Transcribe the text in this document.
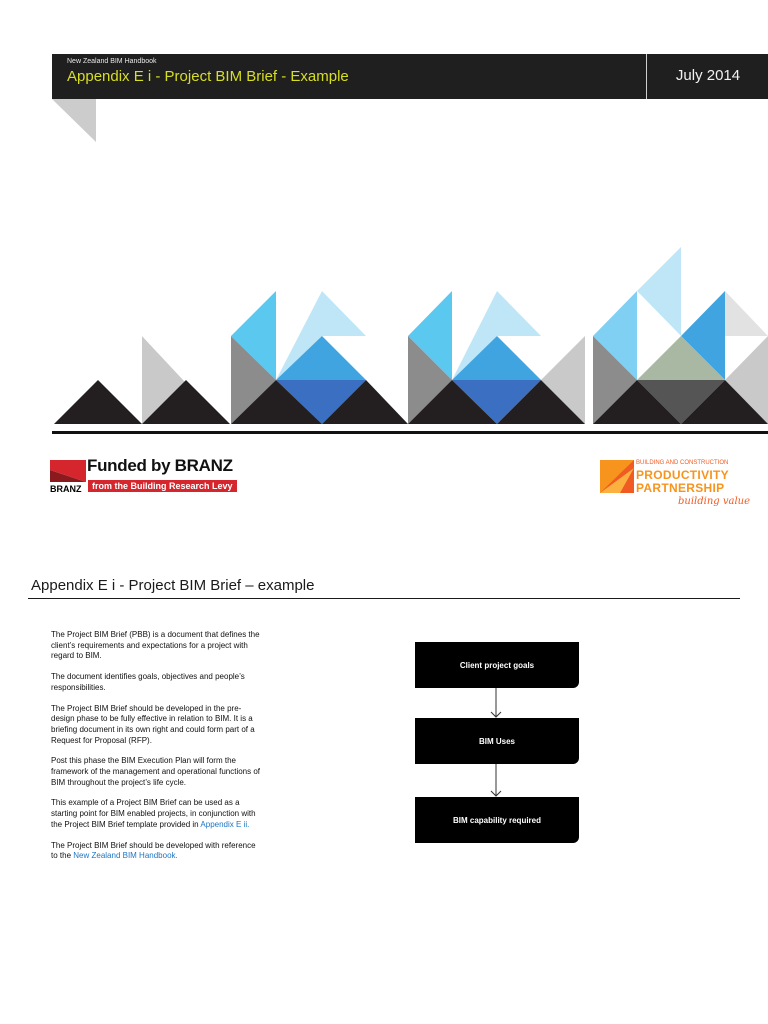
New Zealand BIM Handbook
Appendix E i - Project BIM Brief - Example	July 2014
BRANZ
Funded by BRANZ
from the Building Research Levy
BUILDING AND CONSTRUCTION
PRODUCTIVITY
PARTNERSHIP
building value
Appendix E i - Project BIM Brief – example

The Project BIM Brief (PBB) is a document that defines the client’s requirements and expectations for a project with regard to BIM.

The document identifies goals, objectives and people’s responsibilities.

The Project BIM Brief should be developed in the pre-design phase to be fully effective in relation to BIM. It is a briefing document in its own right and could form part of a Request for Proposal (RFP).

Post this phase the BIM Execution Plan will form the framework of the management and operational functions of BIM throughout the project’s life cycle.

This example of a Project BIM Brief can be used as a starting point for BIM enabled projects, in conjunction with the Project BIM Brief template provided in Appendix E ii.

The Project BIM Brief should be developed with reference to the New Zealand BIM Handbook.

Client project goals
BIM Uses
BIM capability required
